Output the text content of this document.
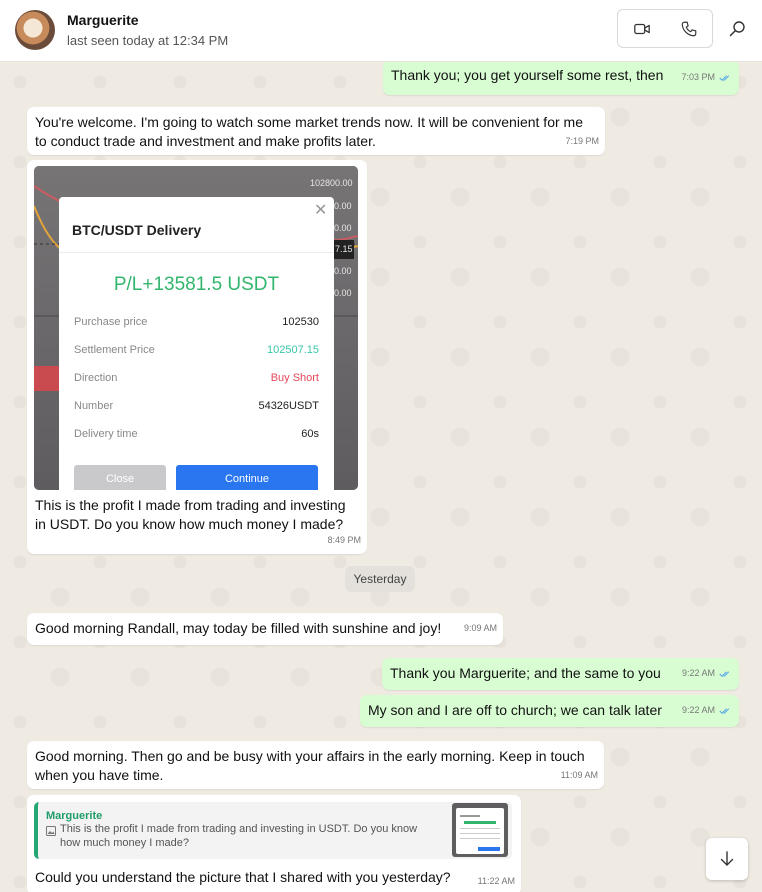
Marguerite
last seen today at 12:34 PM
Thank you; you get yourself some rest, then 7:03 PM
You're welcome. I'm going to watch some market trends now. It will be convenient for me to conduct trade and investment and make profits later.	7:19 PM
102800.00
0.00
0.00
7.15
0.00
0.00
✕
BTC/USDT Delivery
P/L+13581.5 USDT
Purchase price	102530
Settlement Price	102507.15
Direction	Buy Short
Number	54326USDT
Delivery time	60s
Close	Continue
This is the profit I made from trading and investing in USDT. Do you know how much money I made?
8:49 PM
Yesterday
Good morning Randall, may today be filled with sunshine and joy!	9:09 AM
Thank you Marguerite; and the same to you 9:22 AM
My son and I are off to church; we can talk later 9:22 AM
Good morning. Then go and be busy with your affairs in the early morning. Keep in touch when you have time.	11:09 AM
Marguerite
This is the profit I made from trading and investing in USDT. Do you know how much money I made?
Could you understand the picture that I shared with you yesterday?	11:22 AM
